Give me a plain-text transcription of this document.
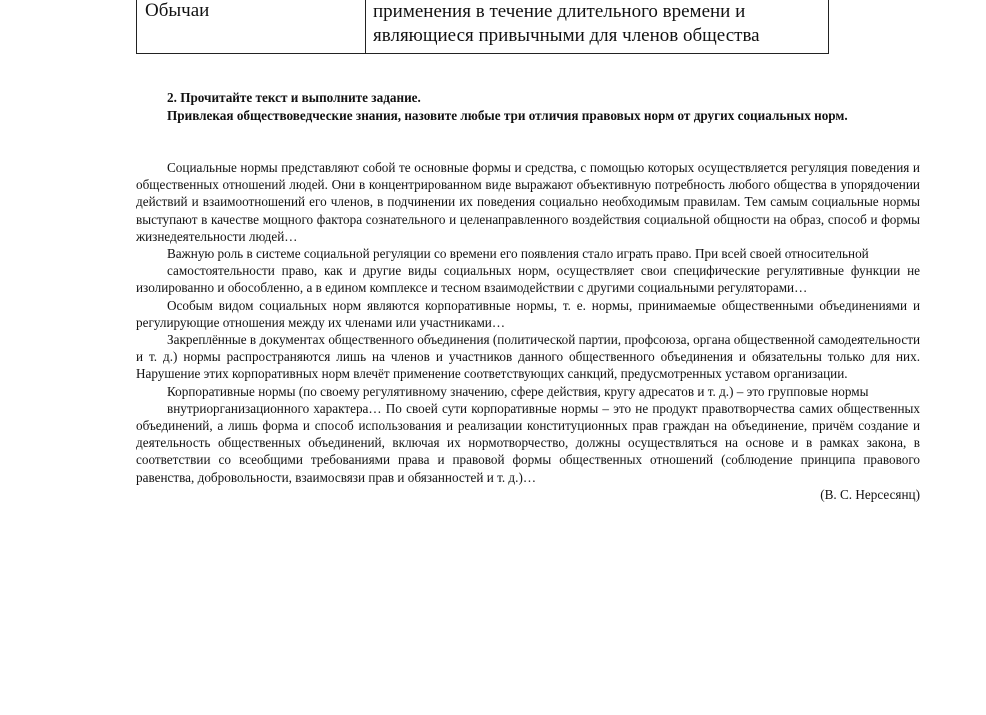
Обычаи	применения в течение длительного времени и
являющиеся привычными для членов общества
2. Прочитайте текст и выполните задание.
Привлекая обществоведческие знания, назовите любые три отличия правовых норм от других социальных норм.

Социальные нормы представляют собой те основные формы и средства, с помощью которых осуществляется регуляция поведения и общественных отношений людей. Они в концентрированном виде выражают объективную потребность любого общества в упорядочении действий и взаимоотношений его членов, в подчинении их поведения социально необходимым правилам. Тем самым социальные нормы выступают в качестве мощного фактора сознательного и целенаправленного воздействия социальной общности на образ, способ и формы жизнедеятельности людей…

Важную роль в системе социальной регуляции со времени его появления стало играть право. При всей своей относительной

самостоятельности право, как и другие виды социальных норм, осуществляет свои специфические регулятивные функции не изолированно и обособленно, а в едином комплексе и тесном взаимодействии с другими социальными регуляторами…

Особым видом социальных норм являются корпоративные нормы, т. е. нормы, принимаемые общественными объединениями и регулирующие отношения между их членами или участниками…

Закреплённые в документах общественного объединения (политической партии, профсоюза, органа общественной самодеятельности и т. д.) нормы распространяются лишь на членов и участников данного общественного объединения и обязательны только для них. Нарушение этих корпоративных норм влечёт применение соответствующих санкций, предусмотренных уставом организации.

Корпоративные нормы (по своему регулятивному значению, сфере действия, кругу адресатов и т. д.) – это групповые нормы

внутриорганизационного характера… По своей сути корпоративные нормы – это не продукт правотворчества самих общественных объединений, а лишь форма и способ использования и реализации конституционных прав граждан на объединение, причём создание и деятельность общественных объединений, включая их нормотворчество, должны осуществляться на основе и в рамках закона, в соответствии со всеобщими требованиями права и правовой формы общественных отношений (соблюдение принципа правового равенства, добровольности, взаимосвязи прав и обязанностей и т. д.)…

(В. С. Нерсесянц)
